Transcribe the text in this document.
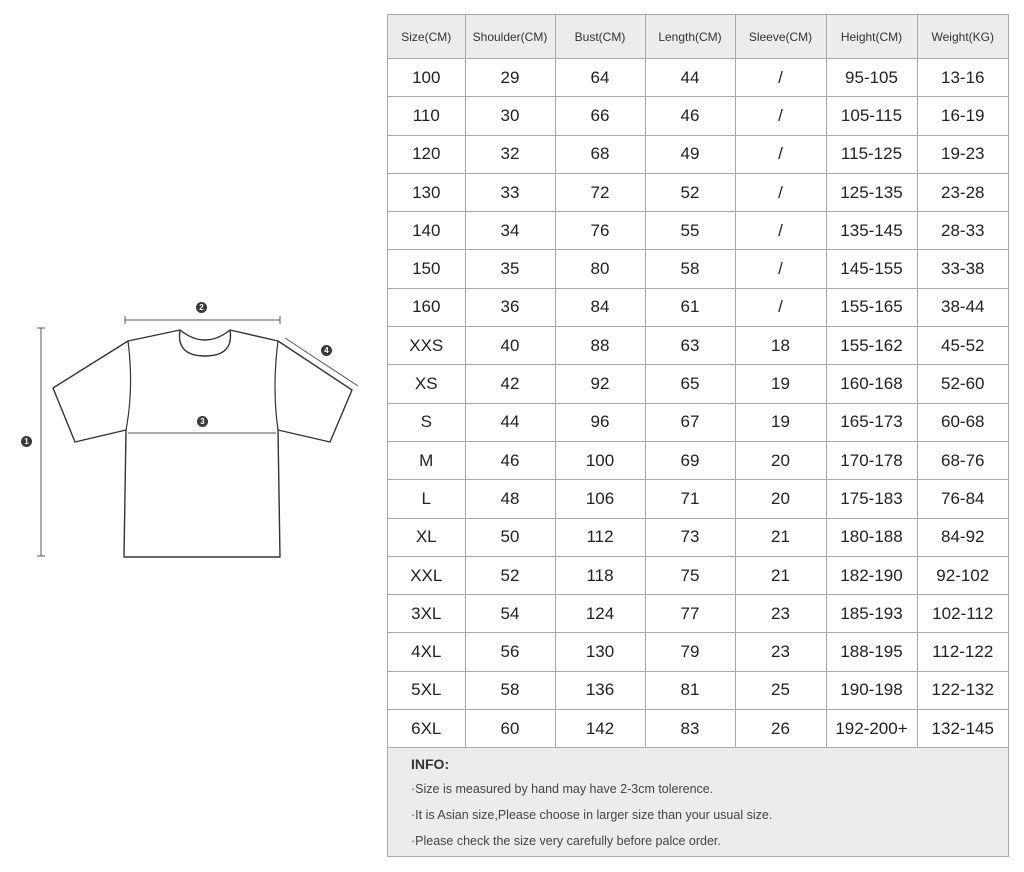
1
2
3
4
Size(CM)	Shoulder(CM)	Bust(CM)	Length(CM)	Sleeve(CM)	Height(CM)	Weight(KG)
100	29	64	44	/	95-105	13-16
110	30	66	46	/	105-115	16-19
120	32	68	49	/	115-125	19-23
130	33	72	52	/	125-135	23-28
140	34	76	55	/	135-145	28-33
150	35	80	58	/	145-155	33-38
160	36	84	61	/	155-165	38-44
XXS	40	88	63	18	155-162	45-52
XS	42	92	65	19	160-168	52-60
S	44	96	67	19	165-173	60-68
M	46	100	69	20	170-178	68-76
L	48	106	71	20	175-183	76-84
XL	50	112	73	21	180-188	84-92
XXL	52	118	75	21	182-190	92-102
3XL	54	124	77	23	185-193	102-112
4XL	56	130	79	23	188-195	112-122
5XL	58	136	81	25	190-198	122-132
6XL	60	142	83	26	192-200+	132-145
INFO:
·Size is measured by hand may have 2-3cm tolerence.
·It is Asian size,Please choose in larger size than your usual size.
·Please check the size very carefully before palce order.
